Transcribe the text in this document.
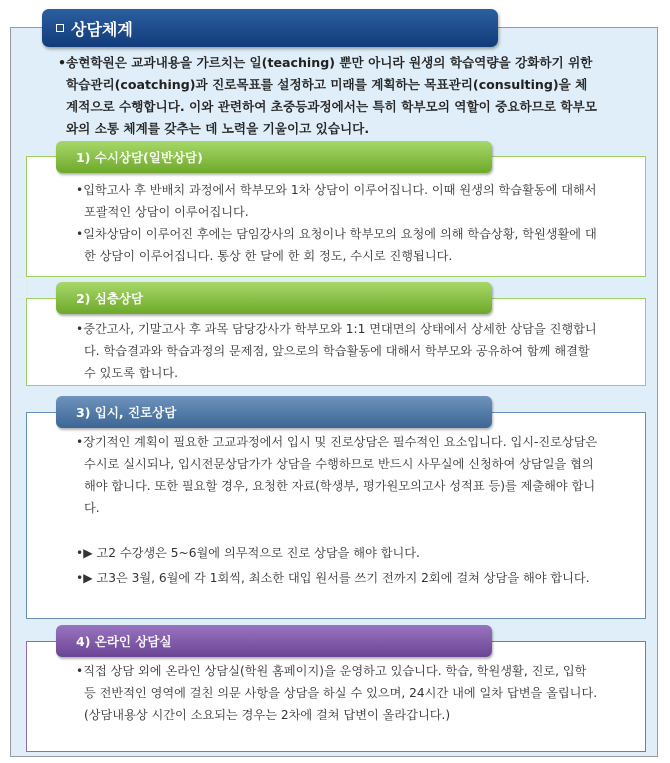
상담체계
•송현학원은 교과내용을 가르치는 일(teaching) 뿐만 아니라 원생의 학습역량을 강화하기 위한 학습관리(coatching)과 진로목표를 설정하고 미래를 계획하는 목표관리(consulting)을 체계적으로 수행합니다. 이와 관련하여 초중등과정에서는 특히 학부모의 역할이 중요하므로 학부모와의 소통 체계를 갖추는 데 노력을 기울이고 있습니다.
1) 수시상담(일반상담)
•입학고사 후 반배치 과정에서 학부모와 1차 상담이 이루어집니다. 이때 원생의 학습활동에 대해서 포괄적인 상담이 이루어집니다.
•일차상담이 이루어진 후에는 담임강사의 요청이나 학부모의 요청에 의해 학습상황, 학원생활에 대한 상담이 이루어집니다. 통상 한 달에 한 회 정도, 수시로 진행됩니다.
2) 심층상담
•중간고사, 기말고사 후 과목 담당강사가 학부모와 1:1 면대면의 상태에서 상세한 상담을 진행합니다. 학습결과와 학습과정의 문제점, 앞으로의 학습활동에 대해서 학부모와 공유하여 함께 해결할 수 있도록 합니다.
3) 입시, 진로상담
•장기적인 계획이 필요한 고교과정에서 입시 및 진로상담은 필수적인 요소입니다. 입시-진로상담은 수시로 실시되나, 입시전문상담가가 상담을 수행하므로 반드시 사무실에 신청하여 상담일을 협의해야 합니다. 또한 필요할 경우, 요청한 자료(학생부, 평가원모의고사 성적표 등)를 제출해야 합니다.
•▶ 고2 수강생은 5~6월에 의무적으로 진로 상담을 해야 합니다.
•▶ 고3은 3월, 6월에 각 1회씩, 최소한 대입 원서를 쓰기 전까지 2회에 걸쳐 상담을 해야 합니다.
4) 온라인 상담실
•직접 상담 외에 온라인 상담실(학원 홈페이지)을 운영하고 있습니다. 학습, 학원생활, 진로, 입학 등 전반적인 영역에 걸친 의문 사항을 상담을 하실 수 있으며, 24시간 내에 일차 답변을 올립니다.(상담내용상 시간이 소요되는 경우는 2차에 걸쳐 답변이 올라갑니다.)
